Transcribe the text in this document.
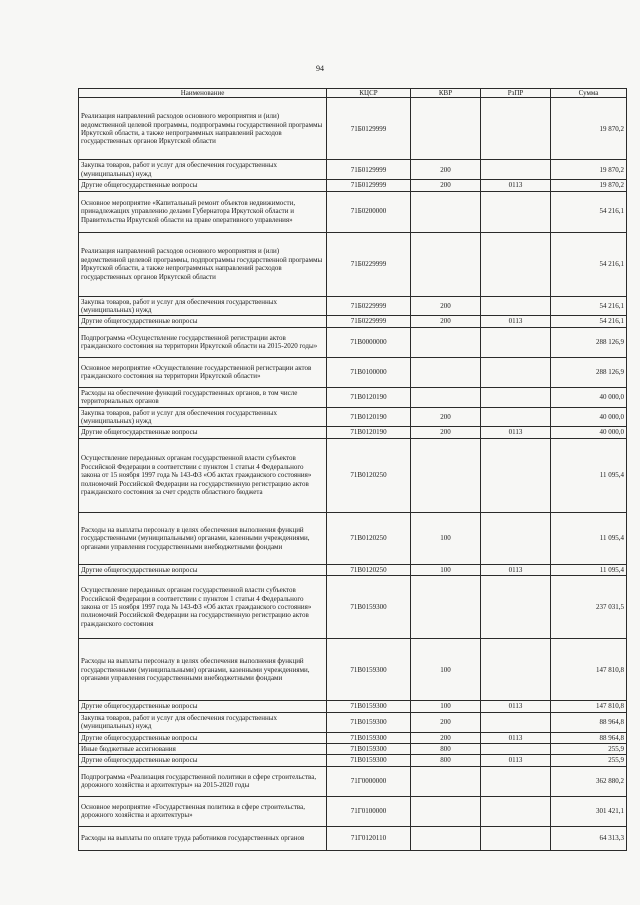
94
Наименование	КЦСР	КВР	РзПР	Сумма
Реализация направлений расходов основного мероприятия и (или) ведомственной целевой программы, подпрограммы государственной программы Иркутской области, а также непрограммных направлений расходов государственных органов Иркутской области	71Б0129999			19 870,2
Закупка товаров, работ и услуг для обеспечения государственных (муниципальных) нужд	71Б0129999	200		19 870,2
Другие общегосударственные вопросы	71Б0129999	200	0113	19 870,2
Основное мероприятие «Капитальный ремонт объектов недвижимости, принадлежащих управлению делами Губернатора Иркутской области и Правительства Иркутской области на праве оперативного управления»	71Б0200000			54 216,1
Реализация направлений расходов основного мероприятия и (или) ведомственной целевой программы, подпрограммы государственной программы Иркутской области, а также непрограммных направлений расходов государственных органов Иркутской области	71Б0229999			54 216,1
Закупка товаров, работ и услуг для обеспечения государственных (муниципальных) нужд	71Б0229999	200		54 216,1
Другие общегосударственные вопросы	71Б0229999	200	0113	54 216,1
Подпрограмма «Осуществление государственной регистрации актов гражданского состояния на территории Иркутской области на 2015-2020 годы»	71В0000000			288 126,9
Основное мероприятие «Осуществление государственной регистрации актов гражданского состояния на территории Иркутской области»	71В0100000			288 126,9
Расходы на обеспечение функций государственных органов, в том числе территориальных органов	71В0120190			40 000,0
Закупка товаров, работ и услуг для обеспечения государственных (муниципальных) нужд	71В0120190	200		40 000,0
Другие общегосударственные вопросы	71В0120190	200	0113	40 000,0
Осуществление переданных органам государственной власти субъектов Российской Федерации в соответствии с пунктом 1 статьи 4 Федерального закона от 15 ноября 1997 года № 143-ФЗ «Об актах гражданского состояния» полномочий Российской Федерации на государственную регистрацию актов гражданского состояния за счет средств областного бюджета	71В0120250			11 095,4
Расходы на выплаты персоналу в целях обеспечения выполнения функций государственными (муниципальными) органами, казенными учреждениями, органами управления государственными внебюджетными фондами	71В0120250	100		11 095,4
Другие общегосударственные вопросы	71В0120250	100	0113	11 095,4
Осуществление переданных органам государственной власти субъектов Российской Федерации в соответствии с пунктом 1 статьи 4 Федерального закона от 15 ноября 1997 года № 143-ФЗ «Об актах гражданского состояния» полномочий Российской Федерации на государственную регистрацию актов гражданского состояния	71В0159300			237 031,5
Расходы на выплаты персоналу в целях обеспечения выполнения функций государственными (муниципальными) органами, казенными учреждениями, органами управления государственными внебюджетными фондами	71В0159300	100		147 810,8
Другие общегосударственные вопросы	71В0159300	100	0113	147 810,8
Закупка товаров, работ и услуг для обеспечения государственных (муниципальных) нужд	71В0159300	200		88 964,8
Другие общегосударственные вопросы	71В0159300	200	0113	88 964,8
Иные бюджетные ассигнования	71В0159300	800		255,9
Другие общегосударственные вопросы	71В0159300	800	0113	255,9
Подпрограмма «Реализация государственной политики в сфере строительства, дорожного хозяйства и архитектуры» на 2015-2020 годы	71Г0000000			362 880,2
Основное мероприятие «Государственная политика в сфере строительства, дорожного хозяйства и архитектуры»	71Г0100000			301 421,1
Расходы на выплаты по оплате труда работников государственных органов	71Г0120110			64 313,3
